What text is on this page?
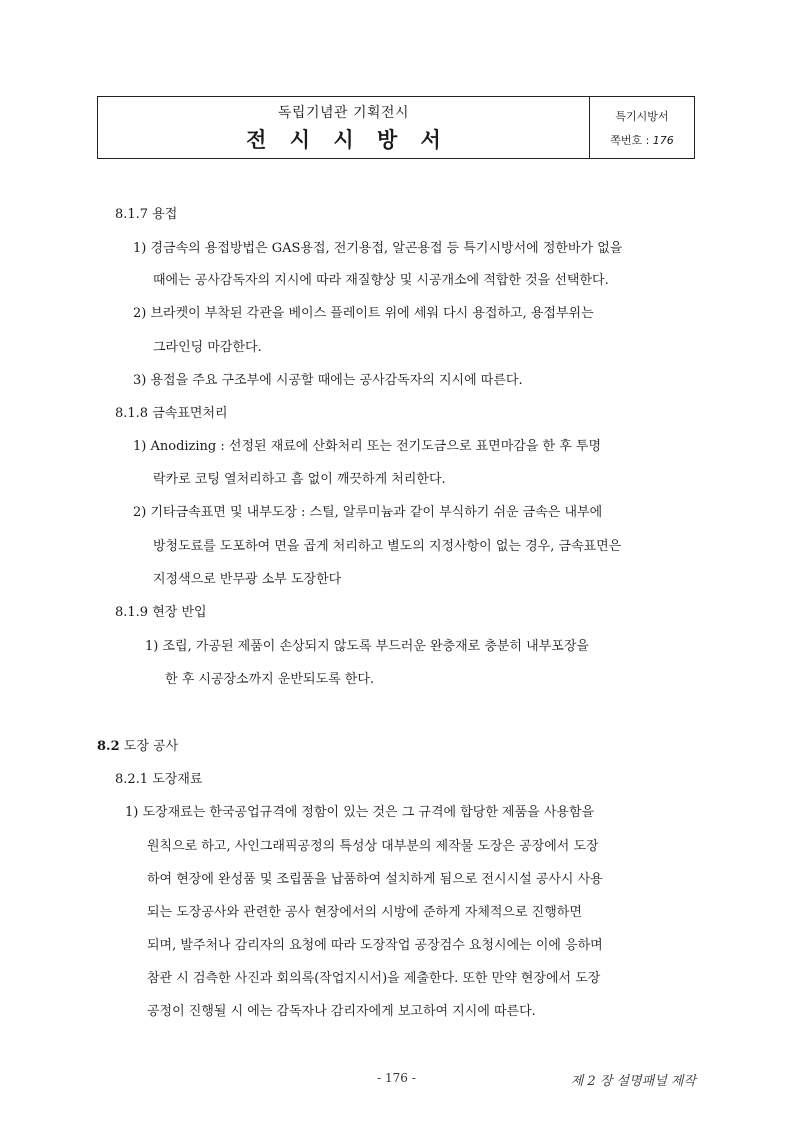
독립기념관 기획전시
전 시 시 방 서
특기시방서
쪽번호 : 176
8.1.7 용접
1) 경금속의 용접방법은 GAS용접, 전기용접, 알곤용접 등 특기시방서에 정한바가 없을
때에는 공사감독자의 지시에 따라 재질향상 및 시공개소에 적합한 것을 선택한다.
2) 브라켓이 부착된 각관을 베이스 플레이트 위에 세워 다시 용접하고, 용접부위는
그라인딩 마감한다.
3) 용접을 주요 구조부에 시공할 때에는 공사감독자의 지시에 따른다.
8.1.8 금속표면처리
1) Anodizing : 선정된 재료에 산화처리 또는 전기도금으로 표면마감을 한 후 투명
락카로 코팅 열처리하고 흠 없이 깨끗하게 처리한다.
2) 기타금속표면 및 내부도장 : 스틸, 알루미늄과 같이 부식하기 쉬운 금속은 내부에
방청도료를 도포하여 면을 곱게 처리하고 별도의 지정사항이 없는 경우, 금속표면은
지정색으로 반무광 소부 도장한다
8.1.9 현장 반입
1) 조립, 가공된 제품이 손상되지 않도록 부드러운 완충재로 충분히 내부포장을
한 후 시공장소까지 운반되도록 한다.
8.2 도장 공사
8.2.1 도장재료
1) 도장재료는 한국공업규격에 정함이 있는 것은 그 규격에 합당한 제품을 사용함을
원칙으로 하고, 사인그래픽공정의 특성상 대부분의 제작물 도장은 공장에서 도장
하여 현장에 완성품 및 조립품을 납품하여 설치하게 됨으로 전시시설 공사시 사용
되는 도장공사와 관련한 공사 현장에서의 시방에 준하게 자체적으로 진행하면
되며, 발주처나 감리자의 요청에 따라 도장작업 공장검수 요청시에는 이에 응하며
참관 시 검측한 사진과 회의록(작업지시서)을 제출한다. 또한 만약 현장에서 도장
공정이 진행될 시 에는 감독자나 감리자에게 보고하여 지시에 따른다.
- 176 -	제 2 장 설명패널 제작
